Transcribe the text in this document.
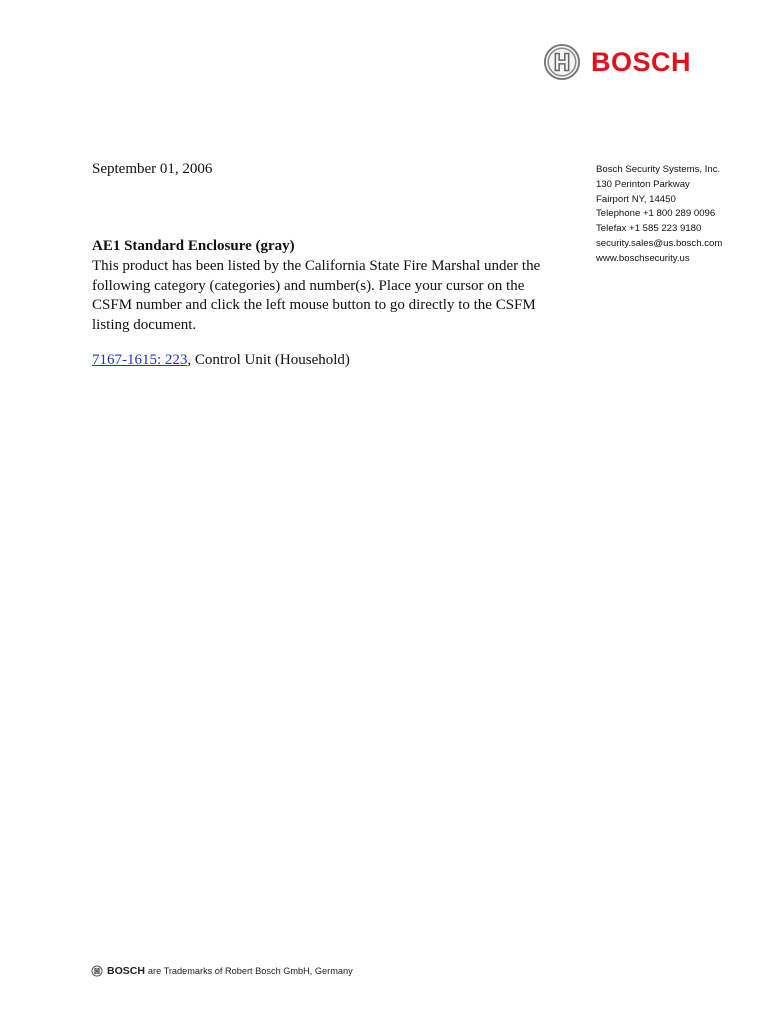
BOSCH
September 01, 2006	Bosch Security Systems, Inc.
130 Perinton Parkway
Fairport NY, 14450
Telephone +1 800 289 0096
Telefax +1 585 223 9180
security.sales@us.bosch.com
www.boschsecurity.us
AE1 Standard Enclosure (gray)
This product has been listed by the California State Fire Marshal under the following category (categories) and number(s). Place your cursor on the CSFM number and click the left mouse button to go directly to the CSFM listing document.
7167-1615: 223, Control Unit (Household)
BOSCH are Trademarks of Robert Bosch GmbH, Germany
